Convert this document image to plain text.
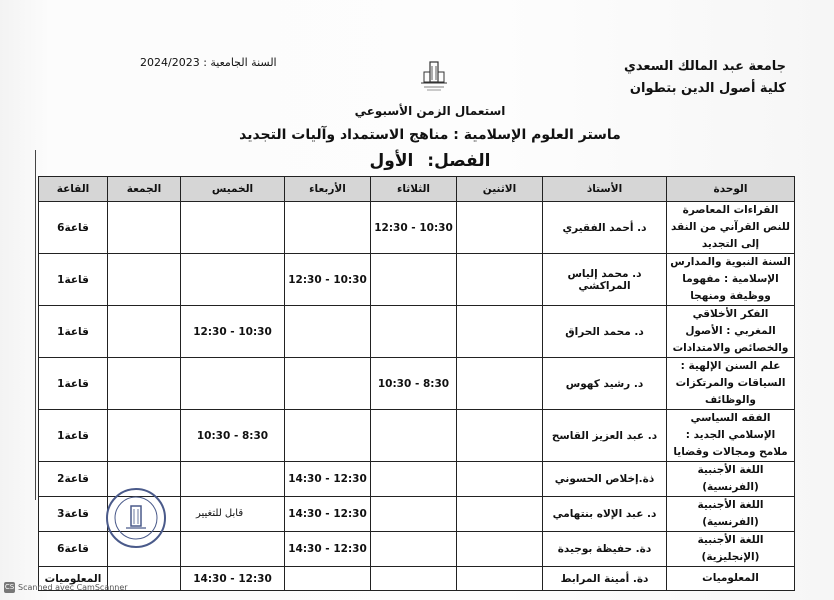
جامعة عبد المالك السعدي
كلية أصول الدين بتطوان
السنة الجامعية : 2024/2023
استعمال الزمن الأسبوعي
ماستر العلوم الإسلامية : مناهج الاستمداد وآليات التجديد
الفصل: الأول
الوحدة	الأستاذ	الاثنين	الثلاثاء	الأربعاء	الخميس	الجمعة	القاعة
القراءات المعاصرة للنص القرآني من النقد إلى التجديد	د. أحمد الفقيري		10:30 - 12:30				قاعة6
السنة النبوية والمدارس الإسلامية : مفهوما ووظيفة ومنهجا	د. محمد إلياس المراكشي			10:30 - 12:30			قاعة1
الفكر الأخلاقي المغربي : الأصول والخصائص والامتدادات	د. محمد الحراق				10:30 - 12:30		قاعة1
علم السنن الإلهية : السياقات والمرتكزات والوظائف	د. رشيد كهوس		8:30 - 10:30				قاعة1
الفقه السياسي الإسلامي الجديد : ملامح ومجالات وقضايا	د. عبد العزيز القاسح				8:30 - 10:30		قاعة1
اللغة الأجنبية (الفرنسية)	ذة.إخلاص الحسوني			12:30 - 14:30			قاعة2
اللغة الأجنبية (الفرنسية)	د. عبد الإلاه بنتهامي			12:30 - 14:30			قاعة3
اللغة الأجنبية (الإنجليزية)	دة. حفيظة بوجيدة			12:30 - 14:30			قاعة6
المعلوميات	دة. أمينة المرابط				12:30 - 14:30		المعلوميات
قابل للتغيير
CS Scanned avec CamScanner
